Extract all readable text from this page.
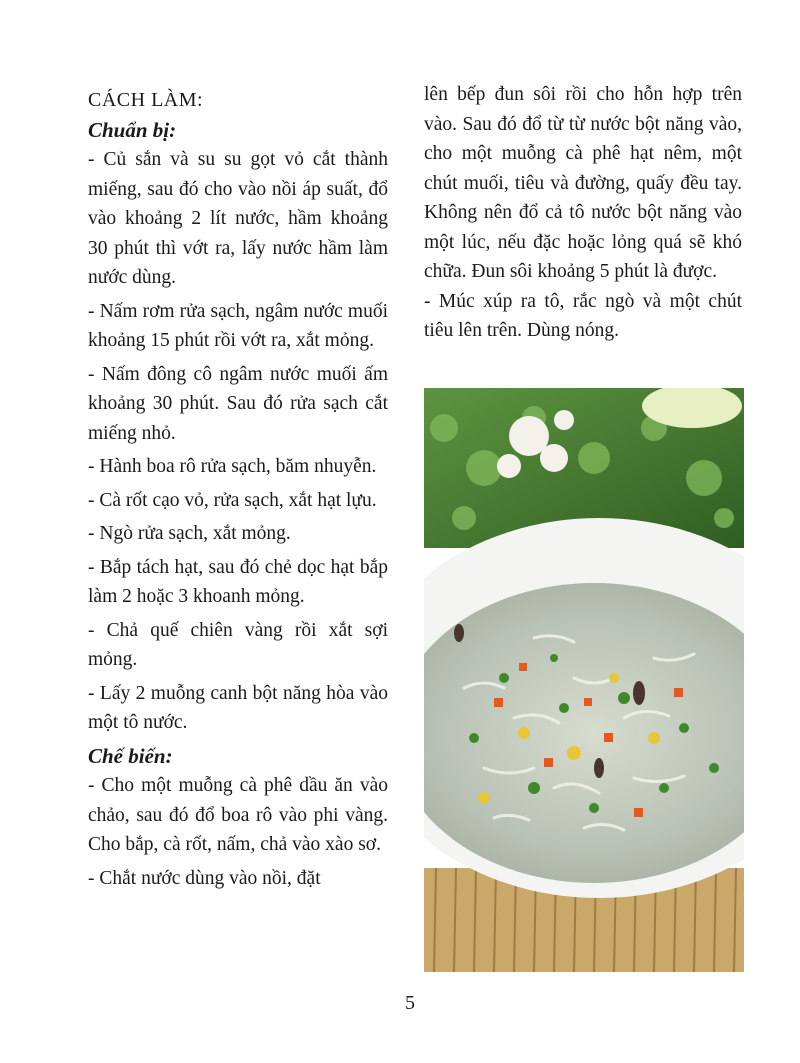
CÁCH LÀM:
Chuẩn bị:

- Củ sắn và su su gọt vỏ cắt thành miếng, sau đó cho vào nồi áp suất, đổ vào khoảng 2 lít nước, hầm khoảng 30 phút thì vớt ra, lấy nước hầm làm nước dùng.

- Nấm rơm rửa sạch, ngâm nước muối khoảng 15 phút rồi vớt ra, xắt mỏng.

- Nấm đông cô ngâm nước muối ấm khoảng 30 phút. Sau đó rửa sạch cắt miếng nhỏ.

- Hành boa rô rửa sạch, băm nhuyễn.

- Cà rốt cạo vỏ, rửa sạch, xắt hạt lựu.

- Ngò rửa sạch, xắt mỏng.

- Bắp tách hạt, sau đó chẻ dọc hạt bắp làm 2 hoặc 3 khoanh mỏng.

- Chả quế chiên vàng rồi xắt sợi mỏng.

- Lấy 2 muỗng canh bột năng hòa vào một tô nước.

Chế biến:

- Cho một muỗng cà phê dầu ăn vào chảo, sau đó đổ boa rô vào phi vàng. Cho bắp, cà rốt, nấm, chả vào xào sơ.

- Chắt nước dùng vào nồi, đặt

lên bếp đun sôi rồi cho hỗn hợp trên vào. Sau đó đổ từ từ nước bột năng vào, cho một muỗng cà phê hạt nêm, một chút muối, tiêu và đường, quấy đều tay. Không nên đổ cả tô nước bột năng vào một lúc, nếu đặc hoặc lỏng quá sẽ khó chữa. Đun sôi khoảng 5 phút là được.

- Múc xúp ra tô, rắc ngò và một chút tiêu lên trên. Dùng nóng.

5
